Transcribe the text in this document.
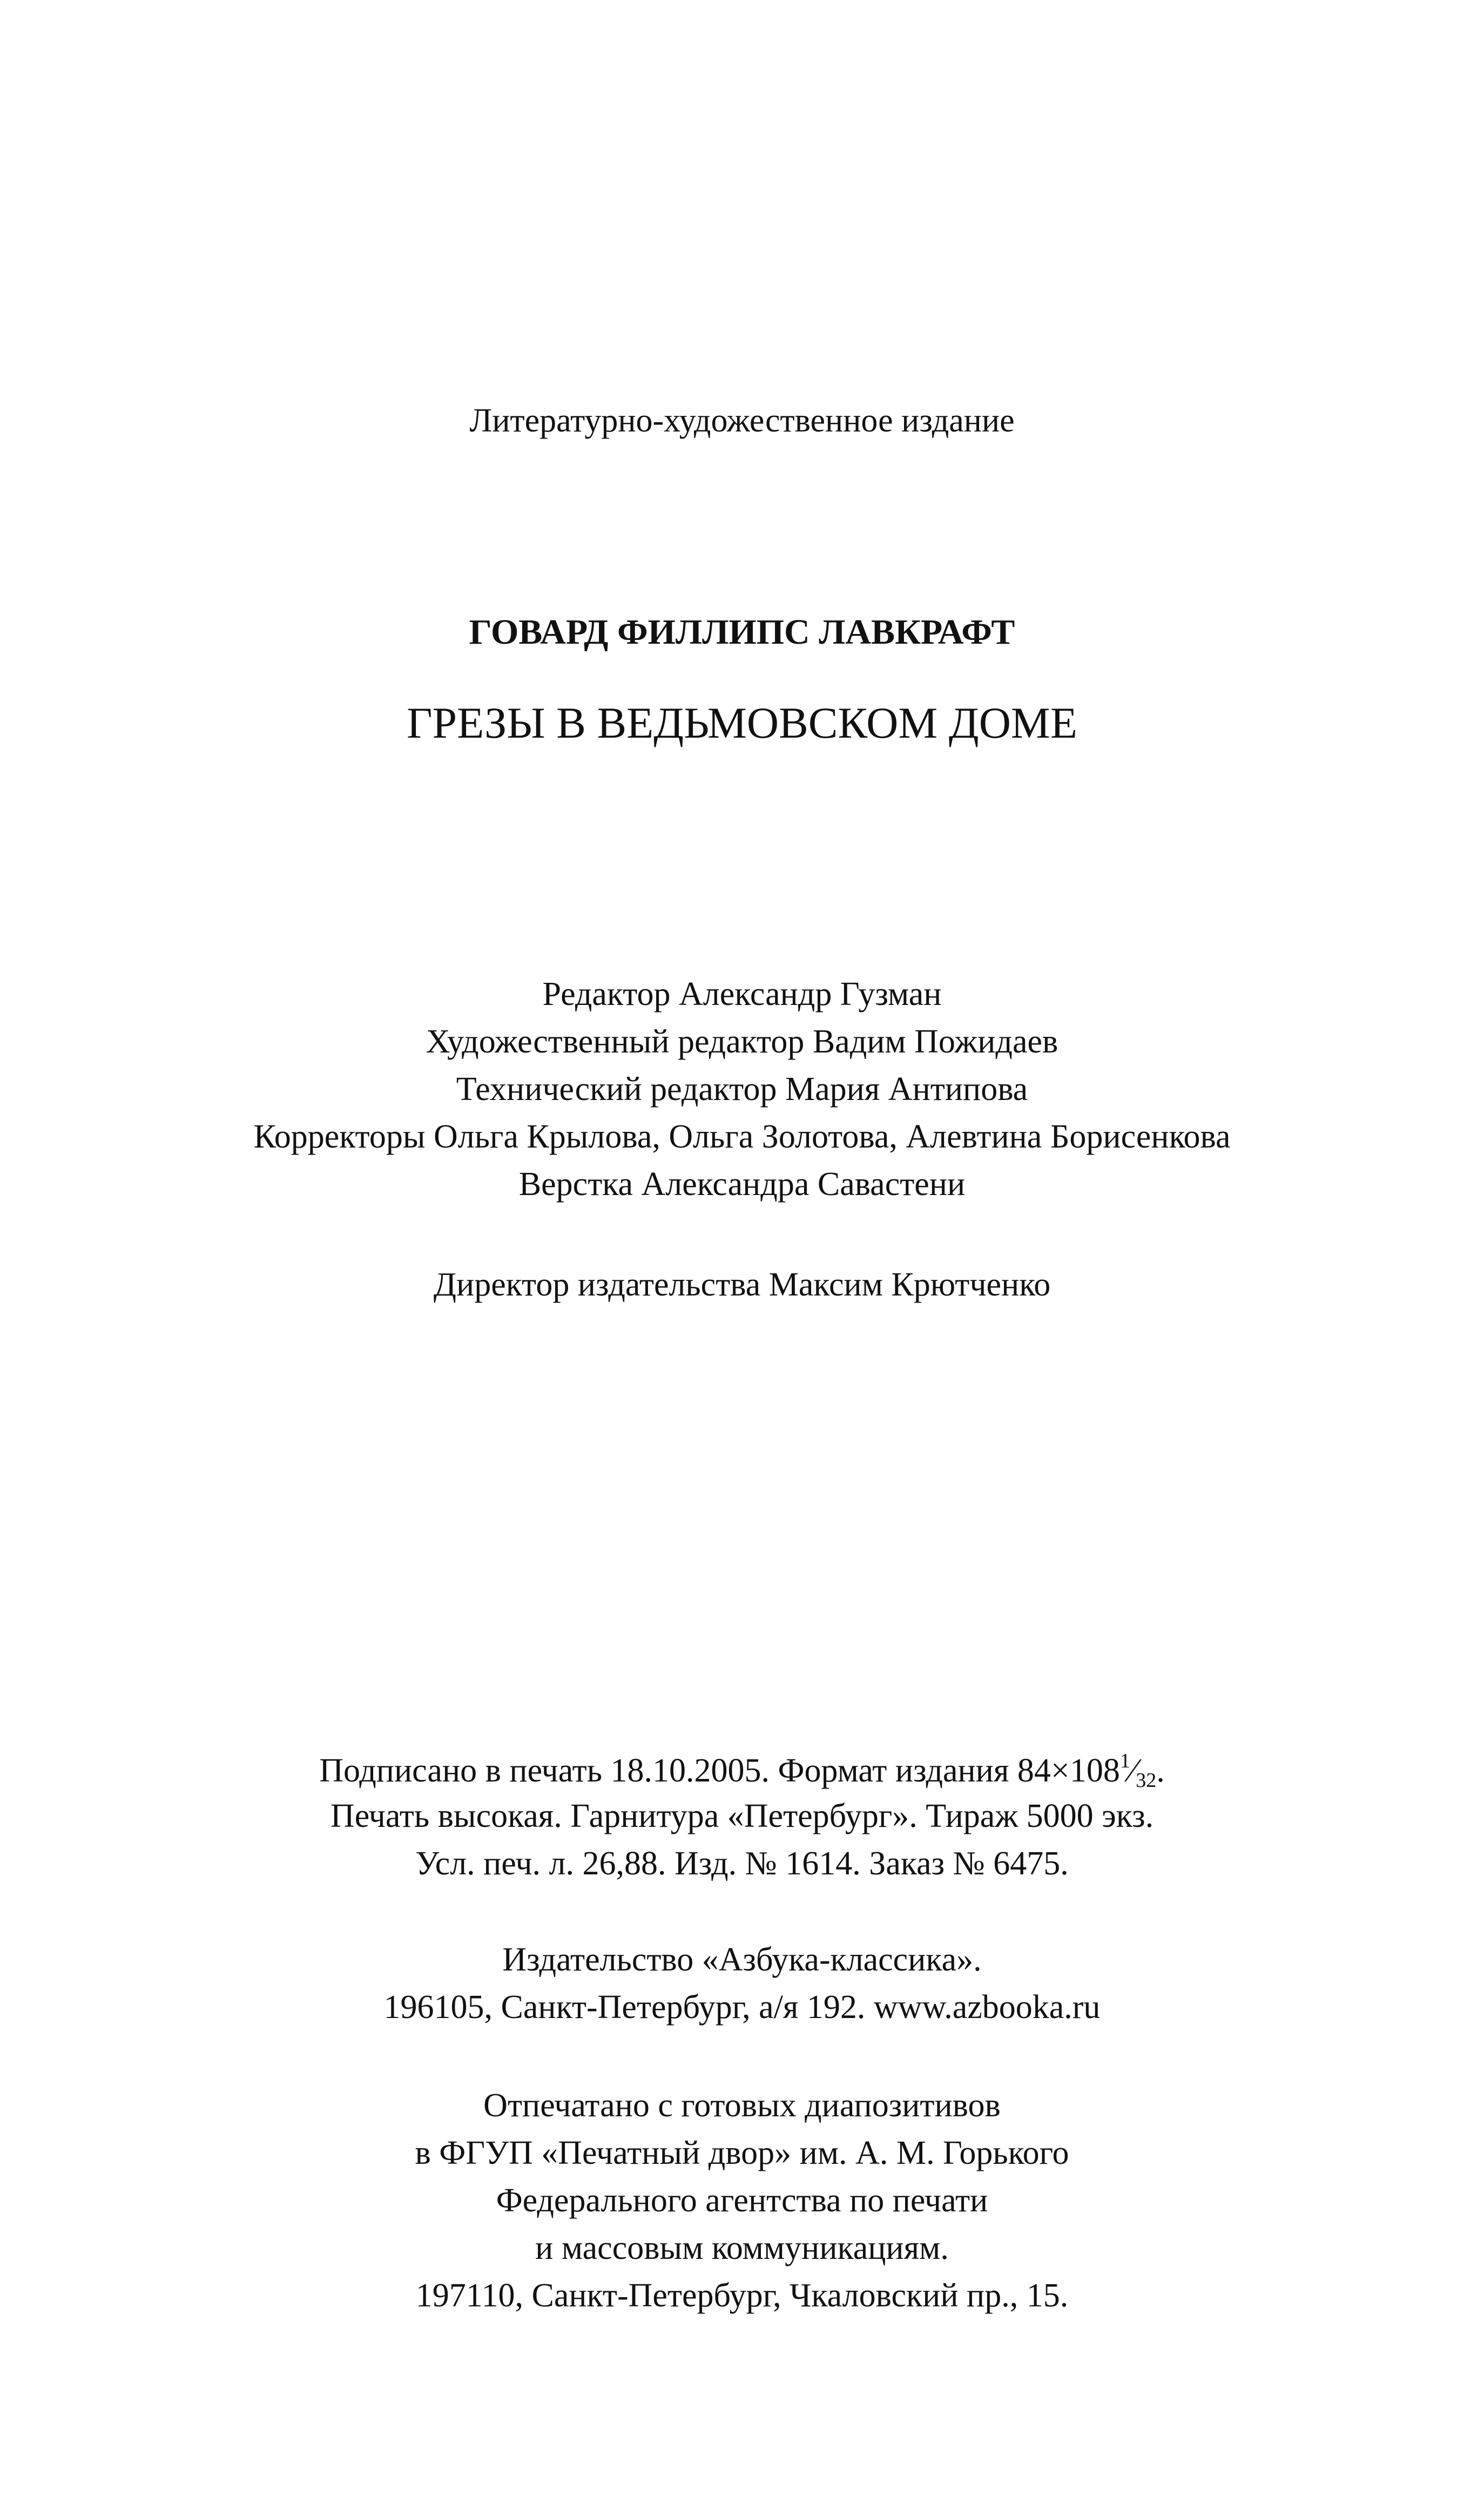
Литературно-художественное издание
ГОВАРД ФИЛЛИПС ЛАВКРАФТ
ГРЕЗЫ В ВЕДЬМОВСКОМ ДОМЕ
Редактор Александр Гузман
Художественный редактор Вадим Пожидаев
Технический редактор Мария Антипова
Корректоры Ольга Крылова, Ольга Золотова, Алевтина Борисенкова
Верстка Александра Савастени
Директор издательства Максим Крютченко
Подписано в печать 18.10.2005. Формат издания $84\times 108^1⁄_{32}$.
Печать высокая. Гарнитура «Петербург». Тираж 5000 экз.
Усл. печ. л. 26,88. Изд. № 1614. Заказ № 6475.
Издательство «Азбука-классика».
196105, Санкт-Петербург, а/я 192. www.azbooka.ru
Отпечатано с готовых диапозитивов
в ФГУП «Печатный двор» им. А. М. Горького
Федерального агентства по печати
и массовым коммуникациям.
197110, Санкт-Петербург, Чкаловский пр., 15.
